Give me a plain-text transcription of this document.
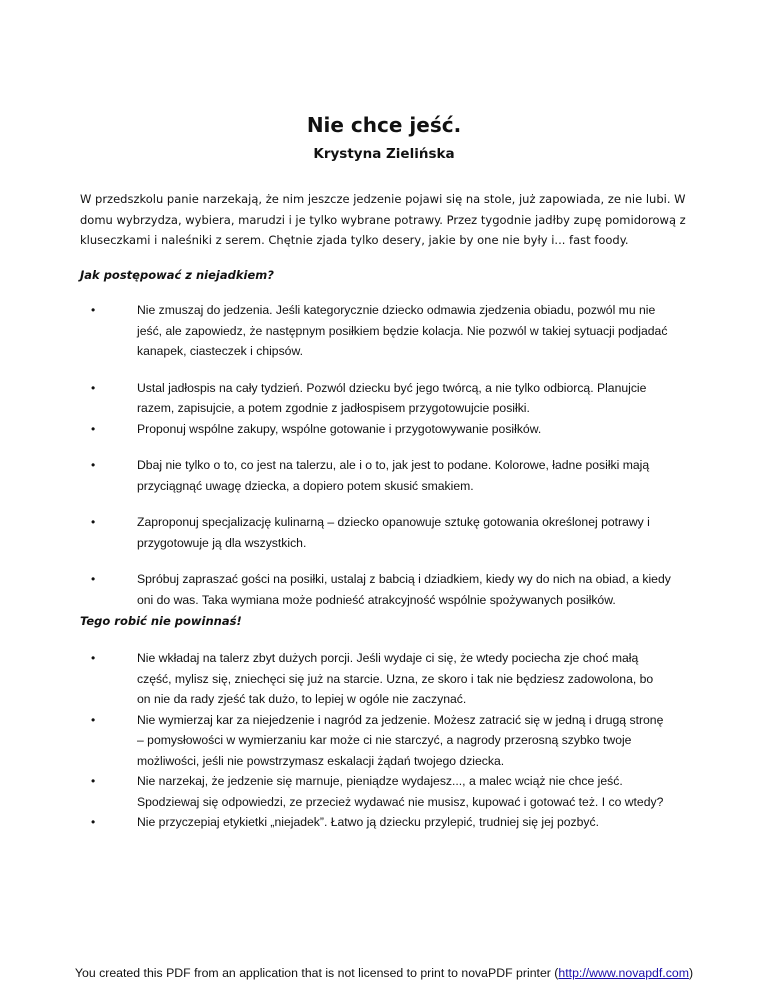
Nie chce jeść.
Krystyna Zielińska

W przedszkolu panie narzekają, że nim jeszcze jedzenie pojawi się na stole, już zapowiada, ze nie lubi. W domu wybrzydza, wybiera, marudzi i je tylko wybrane potrawy. Przez tygodnie jadłby zupę pomidorową z kluseczkami i naleśniki z serem. Chętnie zjada tylko desery, jakie by one nie były i... fast foody.

Jak postępować z niejadkiem?

•	Nie zmuszaj do jedzenia. Jeśli kategorycznie dziecko odmawia zjedzenia obiadu, pozwól mu nie jeść, ale zapowiedz, że następnym posiłkiem będzie kolacja. Nie pozwól w takiej sytuacji podjadać kanapek, ciasteczek i chipsów.
•	Ustal jadłospis na cały tydzień. Pozwól dziecku być jego twórcą, a nie tylko odbiorcą. Planujcie razem, zapisujcie, a potem zgodnie z jadłospisem przygotowujcie posiłki.
•	Proponuj wspólne zakupy, wspólne gotowanie i przygotowywanie posiłków.
•	Dbaj nie tylko o to, co jest na talerzu, ale i o to, jak jest to podane. Kolorowe, ładne posiłki mają przyciągnąć uwagę dziecka, a dopiero potem skusić smakiem.
•	Zaproponuj specjalizację kulinarną – dziecko opanowuje sztukę gotowania określonej potrawy i przygotowuje ją dla wszystkich.
•	Spróbuj zapraszać gości na posiłki, ustalaj z babcią i dziadkiem, kiedy wy do nich na obiad, a kiedy oni do was. Taka wymiana może podnieść atrakcyjność wspólnie spożywanych posiłków.

Tego robić nie powinnaś!

•	Nie wkładaj na talerz zbyt dużych porcji. Jeśli wydaje ci się, że wtedy pociecha zje choć małą część, mylisz się, zniechęci się już na starcie. Uzna, ze skoro i tak nie będziesz zadowolona, bo on nie da rady zjeść tak dużo, to lepiej w ogóle nie zaczynać.
•	Nie wymierzaj kar za niejedzenie i nagród za jedzenie. Możesz zatracić się w jedną i drugą stronę – pomysłowości w wymierzaniu kar może ci nie starczyć, a nagrody przerosną szybko twoje możliwości, jeśli nie powstrzymasz eskalacji żądań twojego dziecka.
•	Nie narzekaj, że jedzenie się marnuje, pieniądze wydajesz..., a malec wciąż nie chce jeść. Spodziewaj się odpowiedzi, ze przecież wydawać nie musisz, kupować i gotować też. I co wtedy?
•	Nie przyczepiaj etykietki „niejadek”. Łatwo ją dziecku przylepić, trudniej się jej pozbyć.

You created this PDF from an application that is not licensed to print to novaPDF printer (http://www.novapdf.com)
